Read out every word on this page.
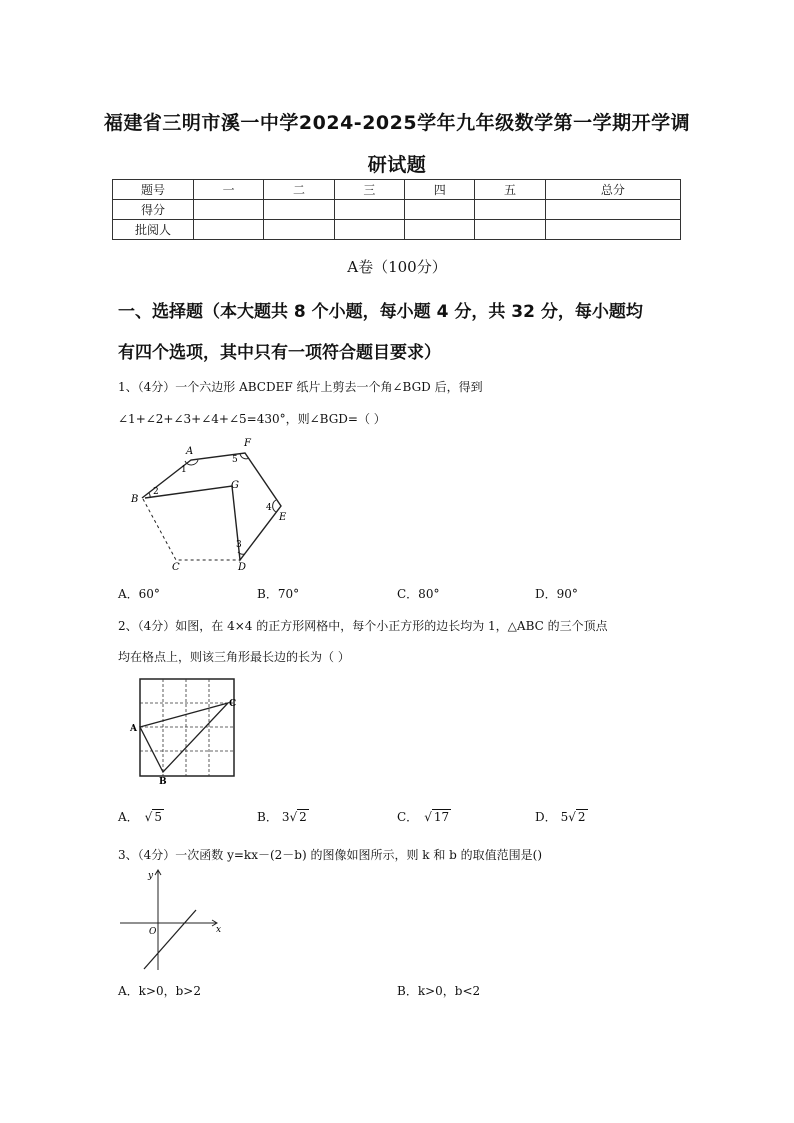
福建省三明市溪一中学2024-2025学年九年级数学第一学期开学调
研试题
题号	一	二	三	四	五	总分
得分						
批阅人						
A卷（100分）
一、选择题（本大题共 8 个小题，每小题 4 分，共 32 分，每小题均
有四个选项，其中只有一项符合题目要求）
1、（4分）一个六边形 ABCDEF 纸片上剪去一个角∠BGD 后，得到
∠1+∠2+∠3+∠4+∠5=430°，则∠BGD=（ ）
A
B
C	D
E
F
G
1
2
3
4
5
A．60°	B．70°	C．80°	D．90°
2、（4分）如图，在 4×4 的正方形网格中，每个小正方形的边长均为 1，△ABC 的三个顶点
均在格点上，则该三角形最长边的长为（ ）
A
C
B
A． √ 5	B． 3√ 2	C． √ 17	D． 5√ 2
3、（4分）一次函数 y=kx－(2－b) 的图像如图所示，则 k 和 b 的取值范围是()
y
x
O
A．k>0，b>2	B．k>0，b<2
